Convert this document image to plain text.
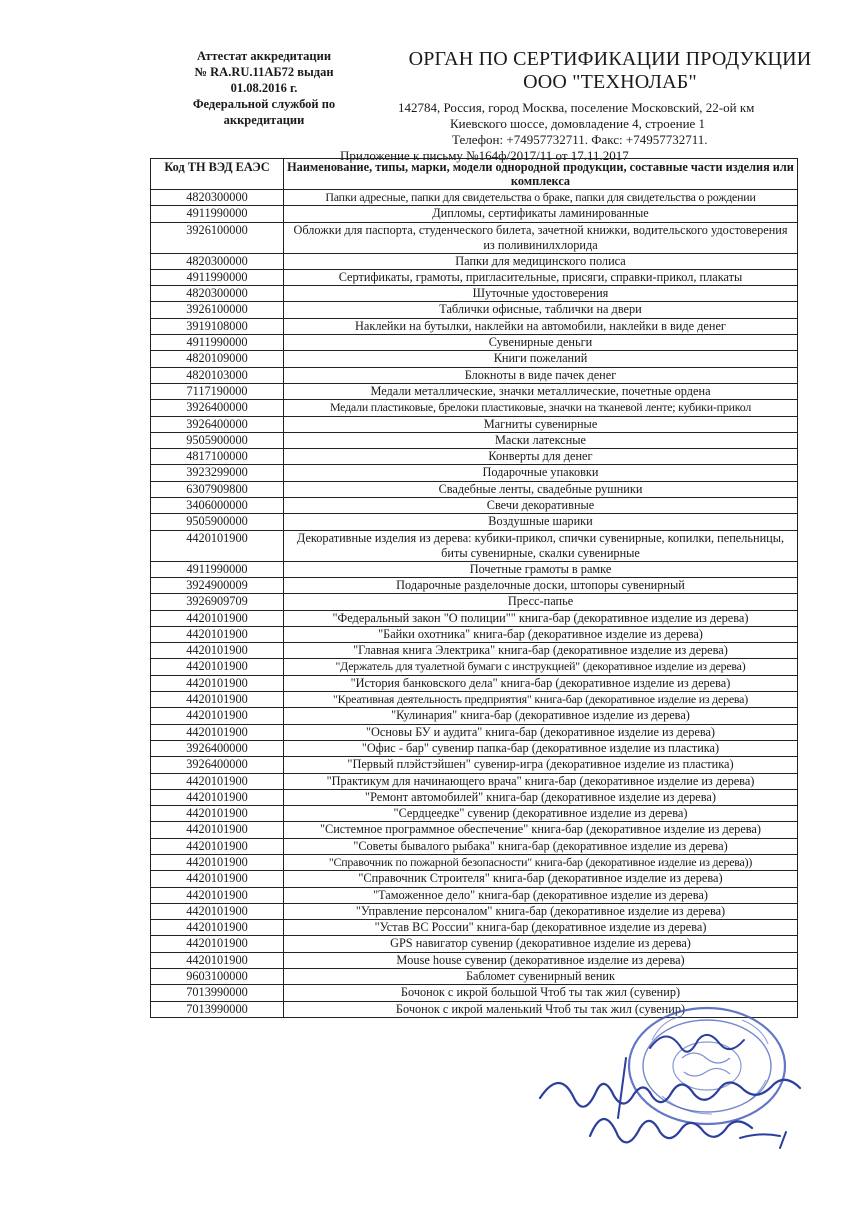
Аттестат аккредитации
№ RA.RU.11АБ72 выдан
01.08.2016 г.
Федеральной службой по
аккредитации
ОРГАН ПО СЕРТИФИКАЦИИ ПРОДУКЦИИ
ООО "ТЕХНОЛАБ"
142784, Россия, город Москва, поселение Московский, 22-ой км
Киевского шоссе, домовладение 4, строение 1
Телефон: +74957732711. Факс: +74957732711.
Приложение к письму №164ф/2017/11 от 17.11.2017
Код ТН ВЭД ЕАЭС	Наименование, типы, марки, модели однородной продукции, составные части изделия или комплекса
4820300000	Папки адресные, папки для свидетельства о браке, папки для свидетельства о рождении
4911990000	Дипломы, сертификаты ламинированные
3926100000	Обложки для паспорта, студенческого билета, зачетной книжки, водительского удостоверения из поливинилхлорида
4820300000	Папки для медицинского полиса
4911990000	Сертификаты, грамоты, пригласительные, присяги, справки-прикол, плакаты
4820300000	Шуточные удостоверения
3926100000	Таблички офисные, таблички на двери
3919108000	Наклейки на бутылки, наклейки на автомобили, наклейки в виде денег
4911990000	Сувенирные деньги
4820109000	Книги пожеланий
4820103000	Блокноты в виде пачек денег
7117190000	Медали металлические, значки металлические, почетные ордена
3926400000	Медали пластиковые, брелоки пластиковые, значки на тканевой ленте; кубики-прикол
3926400000	Магниты сувенирные
9505900000	Маски латексные
4817100000	Конверты для денег
3923299000	Подарочные упаковки
6307909800	Свадебные ленты, свадебные рушники
3406000000	Свечи декоративные
9505900000	Воздушные шарики
4420101900	Декоративные изделия из дерева: кубики-прикол, спички сувенирные, копилки, пепельницы, биты сувенирные, скалки сувенирные
4911990000	Почетные грамоты в рамке
3924900009	Подарочные разделочные доски, штопоры сувенирный
3926909709	Пресс-папье
4420101900	"Федеральный закон "О полиции"" книга-бар (декоративное изделие из дерева)
4420101900	"Байки охотника" книга-бар (декоративное изделие из дерева)
4420101900	"Главная книга Электрика" книга-бар (декоративное изделие из дерева)
4420101900	"Держатель для туалетной бумаги с инструкцией" (декоративное изделие из дерева)
4420101900	"История банковского дела" книга-бар (декоративное изделие из дерева)
4420101900	"Креативная деятельность предприятия" книга-бар (декоративное изделие из дерева)
4420101900	"Кулинария" книга-бар (декоративное изделие из дерева)
4420101900	"Основы БУ и аудита" книга-бар (декоративное изделие из дерева)
3926400000	"Офис - бар" сувенир папка-бар (декоративное изделие из пластика)
3926400000	"Первый плэйстэйшен" сувенир-игра (декоративное изделие из пластика)
4420101900	"Практикум для начинающего врача" книга-бар (декоративное изделие из дерева)
4420101900	"Ремонт автомобилей" книга-бар (декоративное изделие из дерева)
4420101900	"Сердцеедке" сувенир (декоративное изделие из дерева)
4420101900	"Системное программное обеспечение" книга-бар (декоративное изделие из дерева)
4420101900	"Советы бывалого рыбака" книга-бар (декоративное изделие из дерева)
4420101900	"Справочник по пожарной безопасности" книга-бар (декоративное изделие из дерева))
4420101900	"Справочник Строителя" книга-бар (декоративное изделие из дерева)
4420101900	"Таможенное дело" книга-бар (декоративное изделие из дерева)
4420101900	"Управление персоналом" книга-бар (декоративное изделие из дерева)
4420101900	"Устав ВС России" книга-бар (декоративное изделие из дерева)
4420101900	GPS навигатор сувенир (декоративное изделие из дерева)
4420101900	Mouse house сувенир (декоративное изделие из дерева)
9603100000	Бабломет сувенирный веник
7013990000	Бочонок с икрой большой Чтоб ты так жил (сувенир)
7013990000	Бочонок с икрой маленький Чтоб ты так жил (сувенир)
